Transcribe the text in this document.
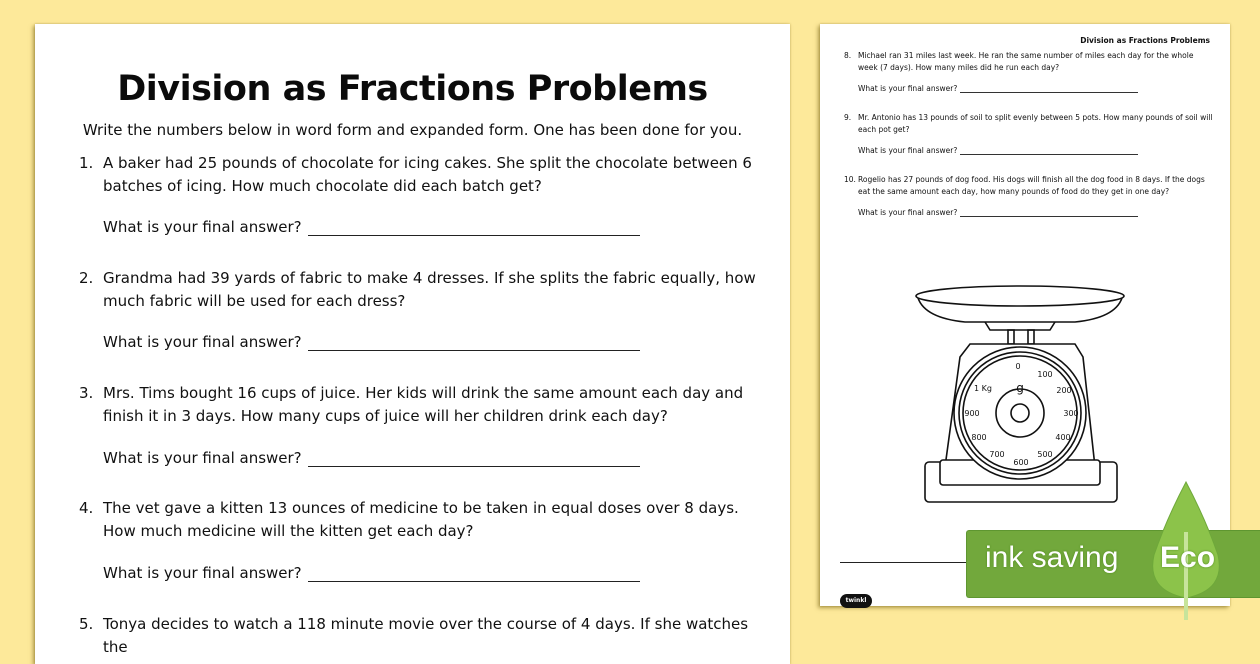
Division as Fractions Problems
Write the numbers below in word form and expanded form. One has been done for you.
1. A baker had 25 pounds of chocolate for icing cakes. She split the chocolate between 6 batches of icing. How much chocolate did each batch get?
What is your final answer?
2. Grandma had 39 yards of fabric to make 4 dresses. If she splits the fabric equally, how much fabric will be used for each dress?
What is your final answer?
3. Mrs. Tims bought 16 cups of juice. Her kids will drink the same amount each day and finish it in 3 days. How many cups of juice will her children drink each day?
What is your final answer?
4. The vet gave a kitten 13 ounces of medicine to be taken in equal doses over 8 days. How much medicine will the kitten get each day?
What is your final answer?
5. Tonya decides to watch a 118 minute movie over the course of 4 days. If she watches the
Division as Fractions Problems
8. Michael ran 31 miles last week. He ran the same number of miles each day for the whole week (7 days). How many miles did he run each day?
What is your final answer?
9. Mr. Antonio has 13 pounds of soil to split evenly between 5 pots. How many pounds of soil will each pot get?
What is your final answer?
10. Rogelio has 27 pounds of dog food. His dogs will finish all the dog food in 8 days. If the dogs eat the same amount each day, how many pounds of food do they get in one day?
What is your final answer?
g
0
100
200
300
400
500
600
700
800
900
1 Kg
twinkl
ink saving Eco
